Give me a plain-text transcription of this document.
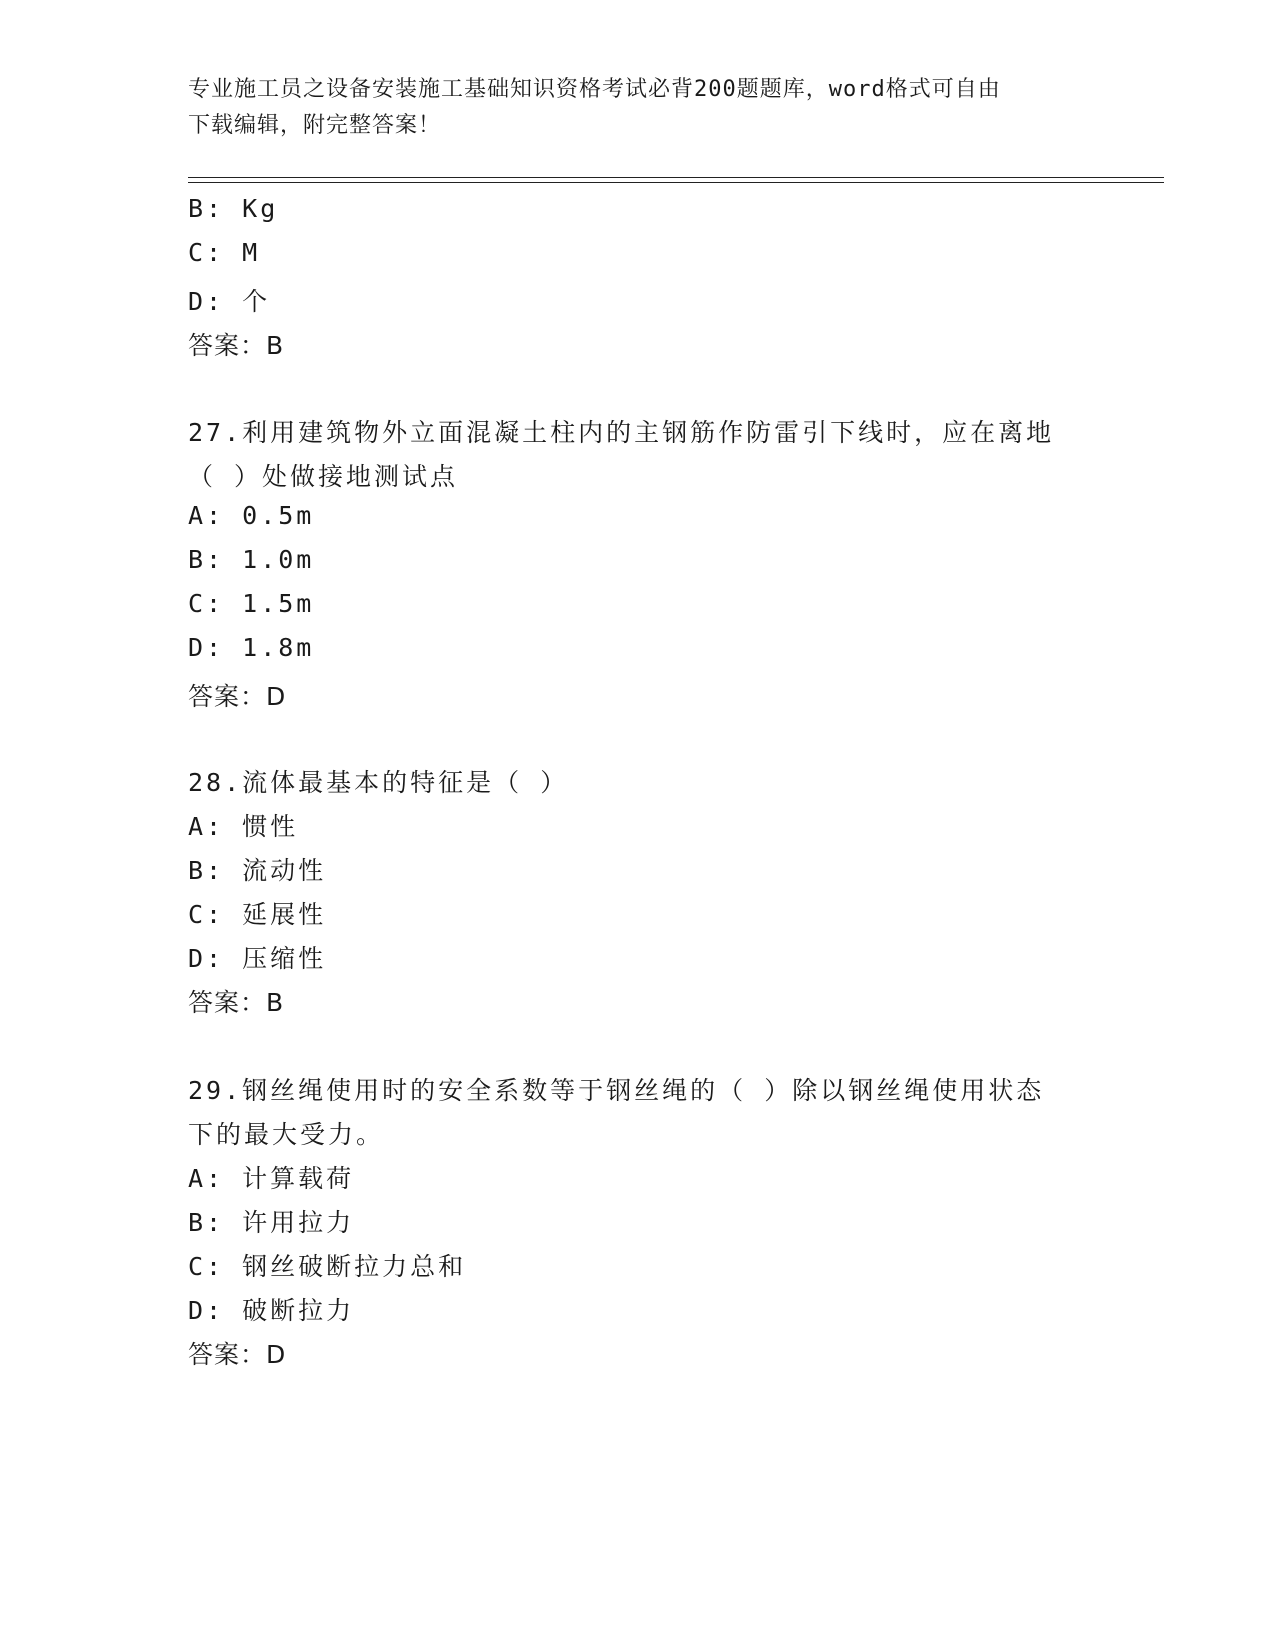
专业施工员之设备安装施工基础知识资格考试必背200题题库，word格式可自由
下载编辑，附完整答案！
B: Kg
C: M
D: 个
答案：B
27.利用建筑物外立面混凝土柱内的主钢筋作防雷引下线时，应在离地
（ ）处做接地测试点
A: 0.5m
B: 1.0m
C: 1.5m
D: 1.8m
答案：D
28.流体最基本的特征是（ ）
A: 惯性
B: 流动性
C: 延展性
D: 压缩性
答案：B
29.钢丝绳使用时的安全系数等于钢丝绳的（ ）除以钢丝绳使用状态
下的最大受力。
A: 计算载荷
B: 许用拉力
C: 钢丝破断拉力总和
D: 破断拉力
答案：D
